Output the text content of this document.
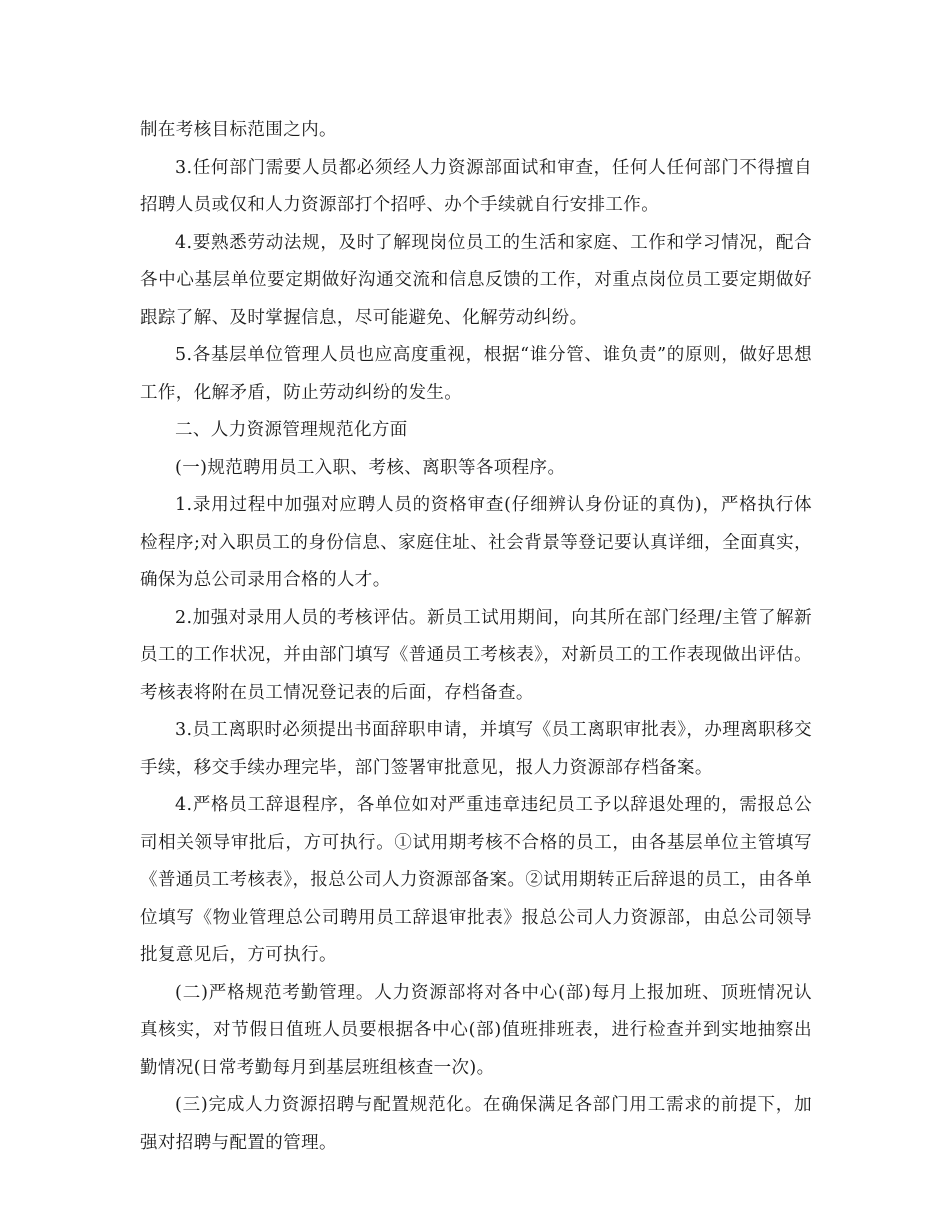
制在考核目标范围之内。

3.任何部门需要人员都必须经人力资源部面试和审查，任何人任何部门不得擅自招聘人员或仅和人力资源部打个招呼、办个手续就自行安排工作。

4.要熟悉劳动法规，及时了解现岗位员工的生活和家庭、工作和学习情况，配合各中心基层单位要定期做好沟通交流和信息反馈的工作，对重点岗位员工要定期做好跟踪了解、及时掌握信息，尽可能避免、化解劳动纠纷。

5.各基层单位管理人员也应高度重视，根据“谁分管、谁负责”的原则，做好思想工作，化解矛盾，防止劳动纠纷的发生。

二、人力资源管理规范化方面

(一)规范聘用员工入职、考核、离职等各项程序。

1.录用过程中加强对应聘人员的资格审查(仔细辨认身份证的真伪)，严格执行体检程序;对入职员工的身份信息、家庭住址、社会背景等登记要认真详细，全面真实，确保为总公司录用合格的人才。

2.加强对录用人员的考核评估。新员工试用期间，向其所在部门经理/主管了解新员工的工作状况，并由部门填写《普通员工考核表》，对新员工的工作表现做出评估。考核表将附在员工情况登记表的后面，存档备查。

3.员工离职时必须提出书面辞职申请，并填写《员工离职审批表》，办理离职移交手续，移交手续办理完毕，部门签署审批意见，报人力资源部存档备案。

4.严格员工辞退程序，各单位如对严重违章违纪员工予以辞退处理的，需报总公司相关领导审批后，方可执行。①试用期考核不合格的员工，由各基层单位主管填写《普通员工考核表》，报总公司人力资源部备案。②试用期转正后辞退的员工，由各单位填写《物业管理总公司聘用员工辞退审批表》报总公司人力资源部，由总公司领导批复意见后，方可执行。

(二)严格规范考勤管理。人力资源部将对各中心(部)每月上报加班、顶班情况认真核实，对节假日值班人员要根据各中心(部)值班排班表，进行检查并到实地抽察出勤情况(日常考勤每月到基层班组核查一次)。

(三)完成人力资源招聘与配置规范化。在确保满足各部门用工需求的前提下，加强对招聘与配置的管理。
